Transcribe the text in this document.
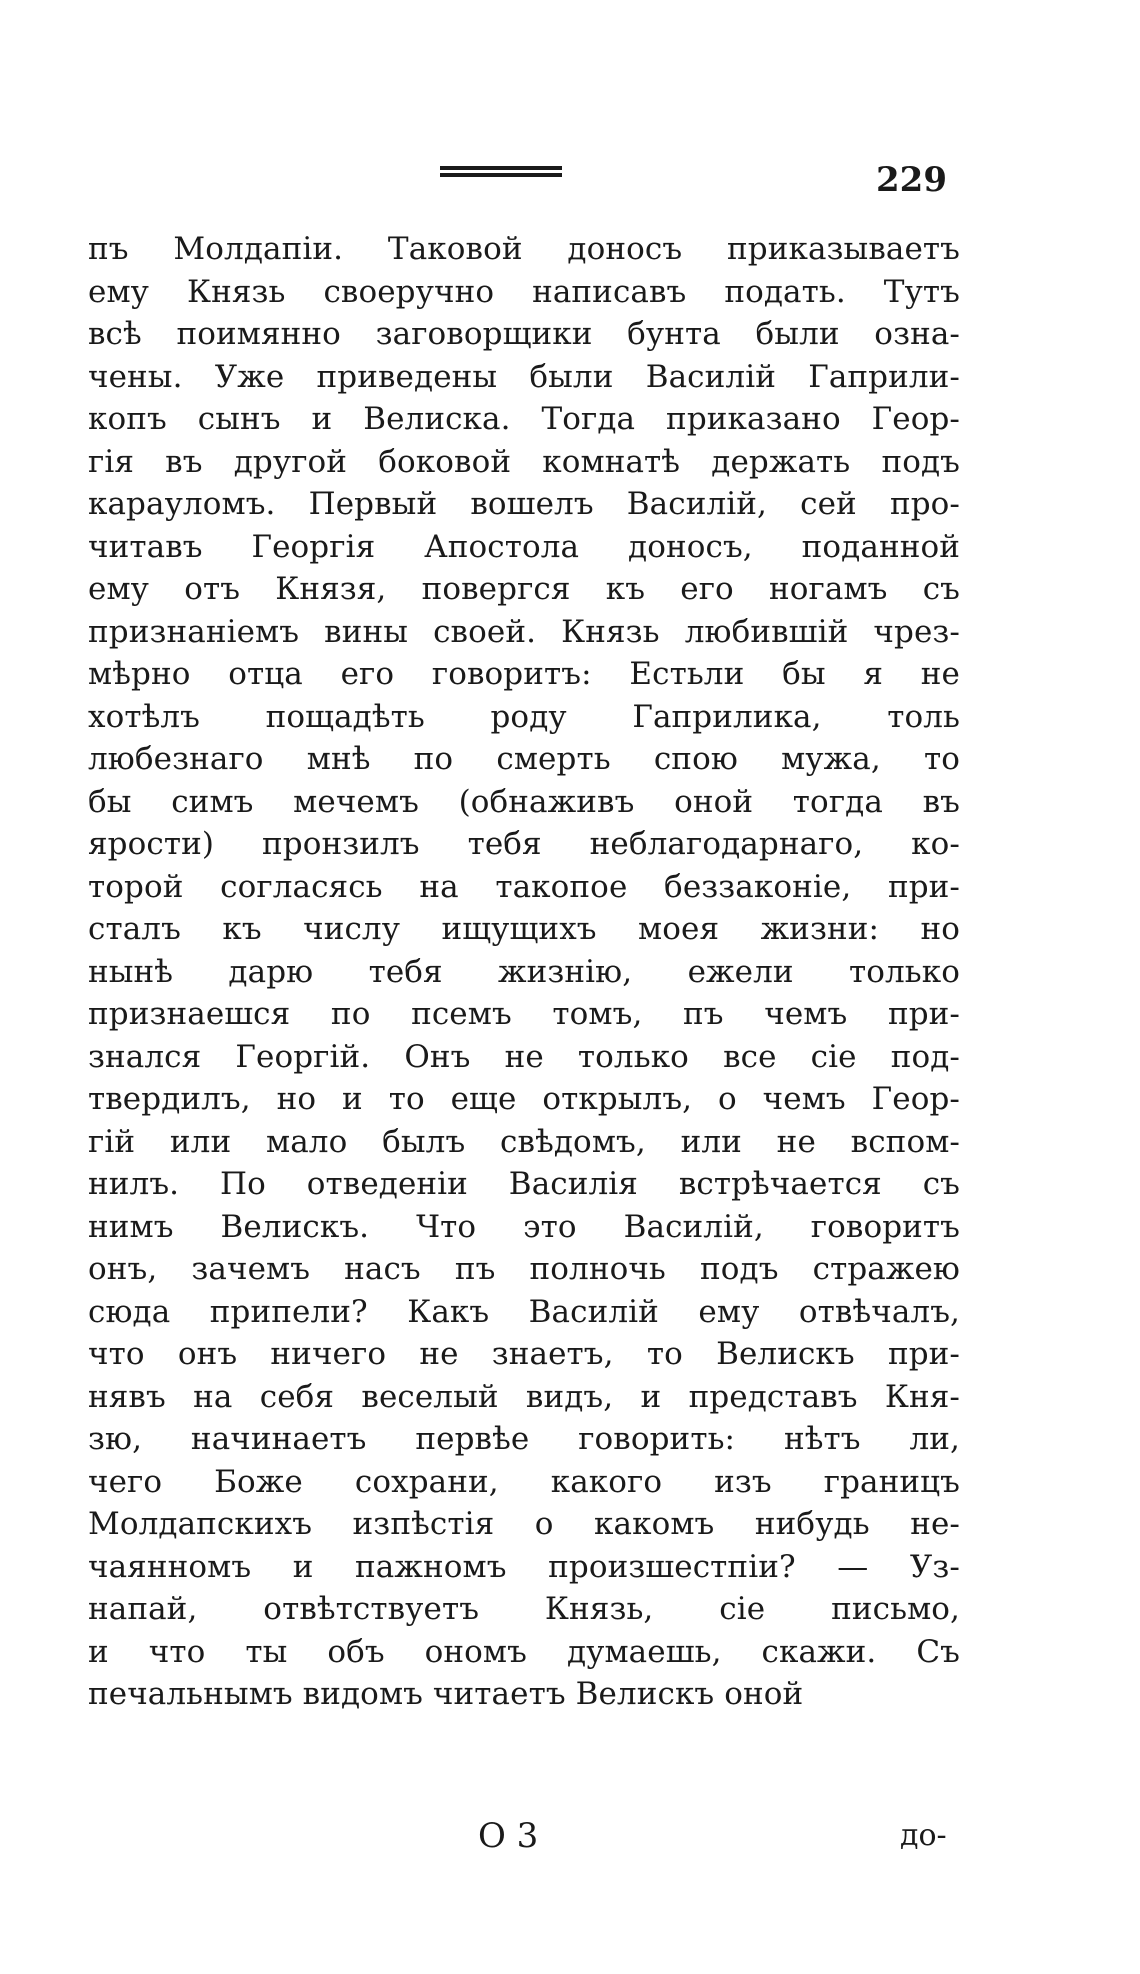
229
пъ Молдапіи. Таковой доносъ приказываетъ
ему Князь своеручно написавъ подать. Тутъ
всѣ поимянно заговорщики бунта были озна-
чены. Уже приведены были Василій Гаприли-
копъ сынъ и Велиска. Тогда приказано Геор-
гія въ другой боковой комнатѣ держать подъ
карауломъ. Первый вошелъ Василій, сей про-
читавъ Георгія Апостола доносъ, поданной
ему отъ Князя, повергся къ его ногамъ съ
признаніемъ вины своей. Князь любившій чрез-
мѣрно отца его говоритъ: Естьли бы я не
хотѣлъ пощадѣть роду Гаприлика, толь
любезнаго мнѣ по смерть спою мужа, то
бы симъ мечемъ (обнаживъ оной тогда въ
ярости) пронзилъ тебя неблагодарнаго, ко-
торой согласясь на такопое беззаконіе, при-
сталъ къ числу ищущихъ моея жизни: но
нынѣ дарю тебя жизнію, ежели только
признаешся по псемъ томъ, пъ чемъ при-
знался Георгій. Онъ не только все сіе под-
твердилъ, но и то еще открылъ, о чемъ Геор-
гій или мало былъ свѣдомъ, или не вспом-
нилъ. По отведеніи Василія встрѣчается съ
нимъ Велискъ. Что это Василій, говоритъ
онъ, зачемъ насъ пъ полночь подъ стражею
сюда припели? Какъ Василій ему отвѣчалъ,
что онъ ничего не знаетъ, то Велискъ при-
нявъ на себя веселый видъ, и представъ Кня-
зю, начинаетъ первѣе говорить: нѣтъ ли,
чего Боже сохрани, какого изъ границъ
Молдапскихъ изпѣстія о какомъ нибудь не-
чаянномъ и пажномъ произшестпіи? — Уз-
напай, отвѣтствуетъ Князь, сіе письмо,
и что ты объ ономъ думаешь, скажи. Съ
печальнымъ видомъ читаетъ Велискъ оной
O 3	до-
